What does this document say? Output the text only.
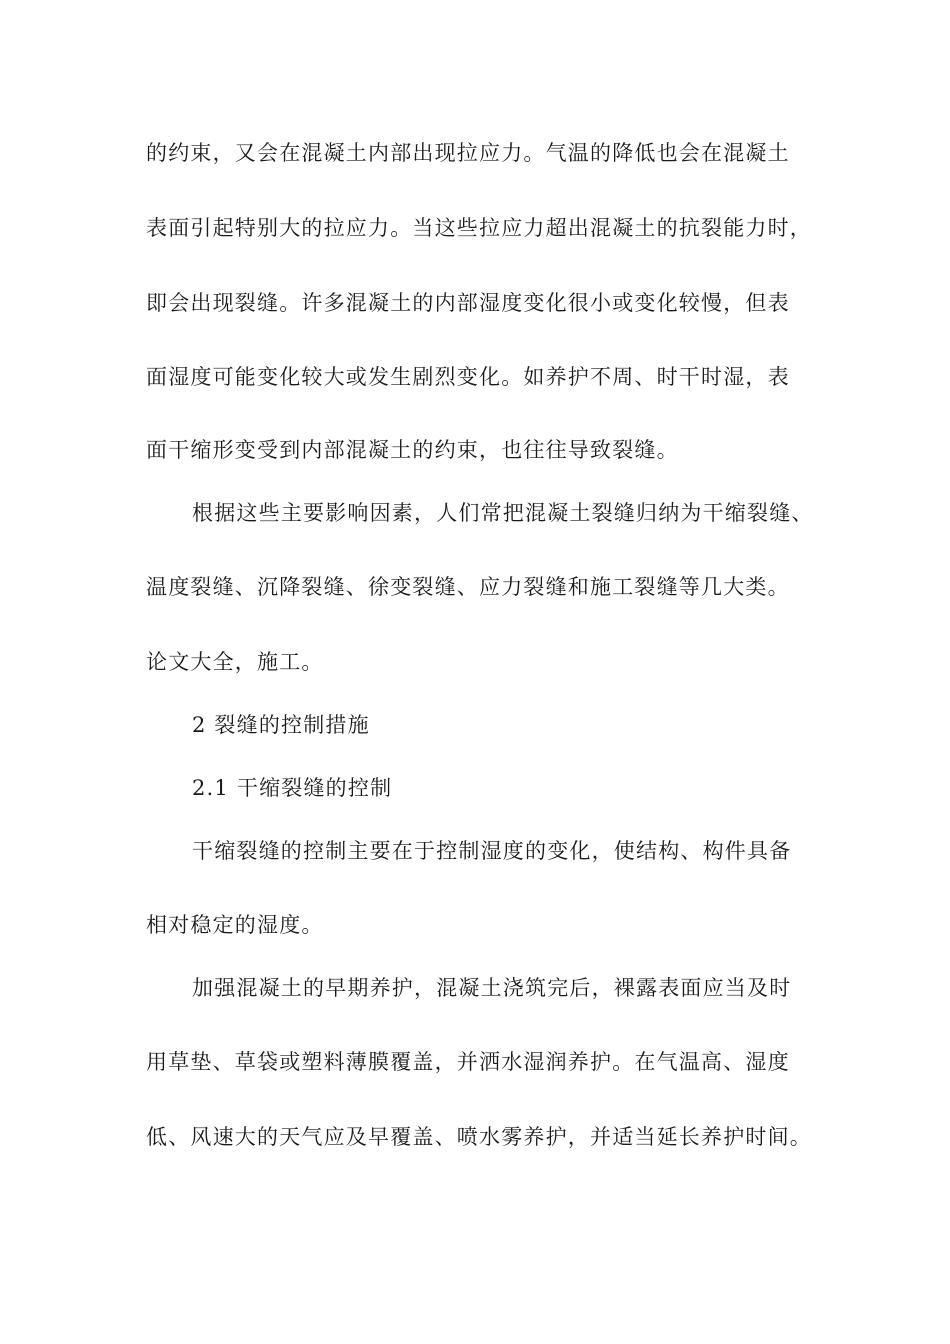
的约束，又会在混凝土内部出现拉应力。气温的降低也会在混凝土
表面引起特别大的拉应力。当这些拉应力超出混凝土的抗裂能力时，
即会出现裂缝。许多混凝土的内部湿度变化很小或变化较慢，但表
面湿度可能变化较大或发生剧烈变化。如养护不周、时干时湿，表
面干缩形变受到内部混凝土的约束，也往往导致裂缝。
根据这些主要影响因素，人们常把混凝土裂缝归纳为干缩裂缝、
温度裂缝、沉降裂缝、徐变裂缝、应力裂缝和施工裂缝等几大类。
论文大全，施工。
2 裂缝的控制措施
2.1 干缩裂缝的控制
干缩裂缝的控制主要在于控制湿度的变化，使结构、构件具备
相对稳定的湿度。
加强混凝土的早期养护，混凝土浇筑完后，裸露表面应当及时
用草垫、草袋或塑料薄膜覆盖，并洒水湿润养护。在气温高、湿度
低、风速大的天气应及早覆盖、喷水雾养护，并适当延长养护时间。
